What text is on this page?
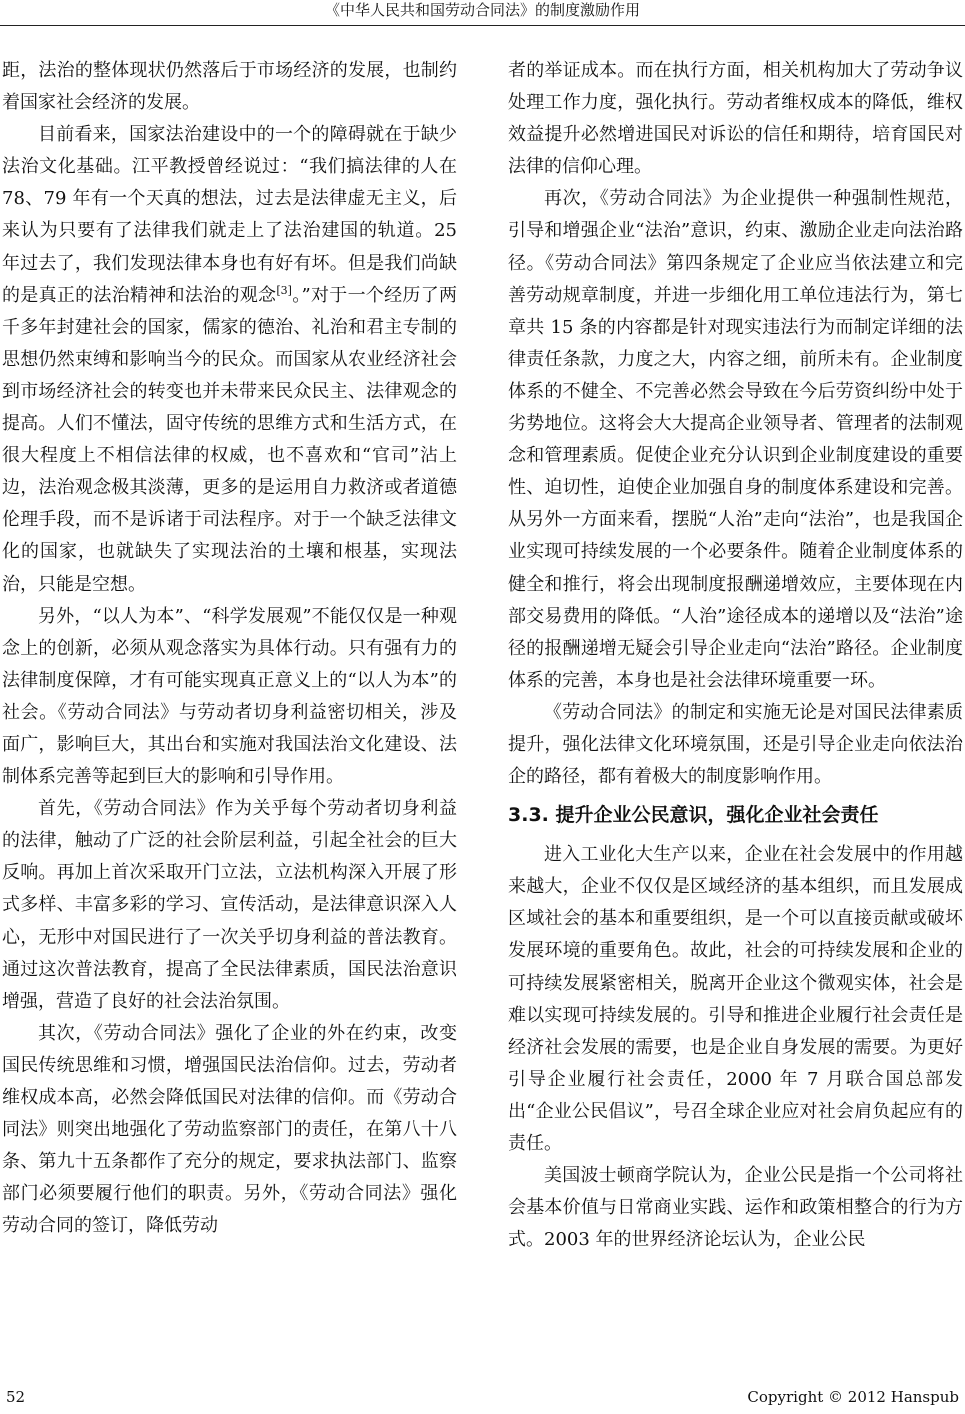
《中华人民共和国劳动合同法》的制度激励作用

距，法治的整体现状仍然落后于市场经济的发展，也制约着国家社会经济的发展。

目前看来，国家法治建设中的一个的障碍就在于缺少法治文化基础。江平教授曾经说过：“我们搞法律的人在 78、79 年有一个天真的想法，过去是法律虚无主义，后来认为只要有了法律我们就走上了法治建国的轨道。25 年过去了，我们发现法律本身也有好有坏。但是我们尚缺的是真正的法治精神和法治的观念[3]。”对于一个经历了两千多年封建社会的国家，儒家的德治、礼治和君主专制的思想仍然束缚和影响当今的民众。而国家从农业经济社会到市场经济社会的转变也并未带来民众民主、法律观念的提高。人们不懂法，固守传统的思维方式和生活方式，在很大程度上不相信法律的权威，也不喜欢和“官司”沾上边，法治观念极其淡薄，更多的是运用自力救济或者道德伦理手段，而不是诉诸于司法程序。对于一个缺乏法律文化的国家，也就缺失了实现法治的土壤和根基，实现法治，只能是空想。

另外，“以人为本”、“科学发展观”不能仅仅是一种观念上的创新，必须从观念落实为具体行动。只有强有力的法律制度保障，才有可能实现真正意义上的“以人为本”的社会。《劳动合同法》与劳动者切身利益密切相关，涉及面广，影响巨大，其出台和实施对我国法治文化建设、法制体系完善等起到巨大的影响和引导作用。

首先，《劳动合同法》作为关乎每个劳动者切身利益的法律，触动了广泛的社会阶层利益，引起全社会的巨大反响。再加上首次采取开门立法，立法机构深入开展了形式多样、丰富多彩的学习、宣传活动，是法律意识深入人心，无形中对国民进行了一次关乎切身利益的普法教育。通过这次普法教育，提高了全民法律素质，国民法治意识增强，营造了良好的社会法治氛围。

其次，《劳动合同法》强化了企业的外在约束，改变国民传统思维和习惯，增强国民法治信仰。过去，劳动者维权成本高，必然会降低国民对法律的信仰。而《劳动合同法》则突出地强化了劳动监察部门的责任，在第八十八条、第九十五条都作了充分的规定，要求执法部门、监察部门必须要履行他们的职责。另外，《劳动合同法》强化劳动合同的签订，降低劳动

者的举证成本。而在执行方面，相关机构加大了劳动争议处理工作力度，强化执行。劳动者维权成本的降低，维权效益提升必然增进国民对诉讼的信任和期待，培育国民对法律的信仰心理。

再次，《劳动合同法》为企业提供一种强制性规范，引导和增强企业“法治”意识，约束、激励企业走向法治路径。《劳动合同法》第四条规定了企业应当依法建立和完善劳动规章制度，并进一步细化用工单位违法行为，第七章共 15 条的内容都是针对现实违法行为而制定详细的法律责任条款，力度之大，内容之细，前所未有。企业制度体系的不健全、不完善必然会导致在今后劳资纠纷中处于劣势地位。这将会大大提高企业领导者、管理者的法制观念和管理素质。促使企业充分认识到企业制度建设的重要性、迫切性，迫使企业加强自身的制度体系建设和完善。从另外一方面来看，摆脱“人治”走向“法治”，也是我国企业实现可持续发展的一个必要条件。随着企业制度体系的健全和推行，将会出现制度报酬递增效应，主要体现在内部交易费用的降低。“人治”途径成本的递增以及“法治”途径的报酬递增无疑会引导企业走向“法治”路径。企业制度体系的完善，本身也是社会法律环境重要一环。

《劳动合同法》的制定和实施无论是对国民法律素质提升，强化法律文化环境氛围，还是引导企业走向依法治企的路径，都有着极大的制度影响作用。

3.3. 提升企业公民意识，强化企业社会责任

进入工业化大生产以来，企业在社会发展中的作用越来越大，企业不仅仅是区域经济的基本组织，而且发展成区域社会的基本和重要组织，是一个可以直接贡献或破坏发展环境的重要角色。故此，社会的可持续发展和企业的可持续发展紧密相关，脱离开企业这个微观实体，社会是难以实现可持续发展的。引导和推进企业履行社会责任是经济社会发展的需要，也是企业自身发展的需要。为更好引导企业履行社会责任，2000 年 7 月联合国总部发出“企业公民倡议”，号召全球企业应对社会肩负起应有的责任。

美国波士顿商学院认为，企业公民是指一个公司将社会基本价值与日常商业实践、运作和政策相整合的行为方式。2003 年的世界经济论坛认为，企业公民

52	Copyright © 2012 Hanspub
